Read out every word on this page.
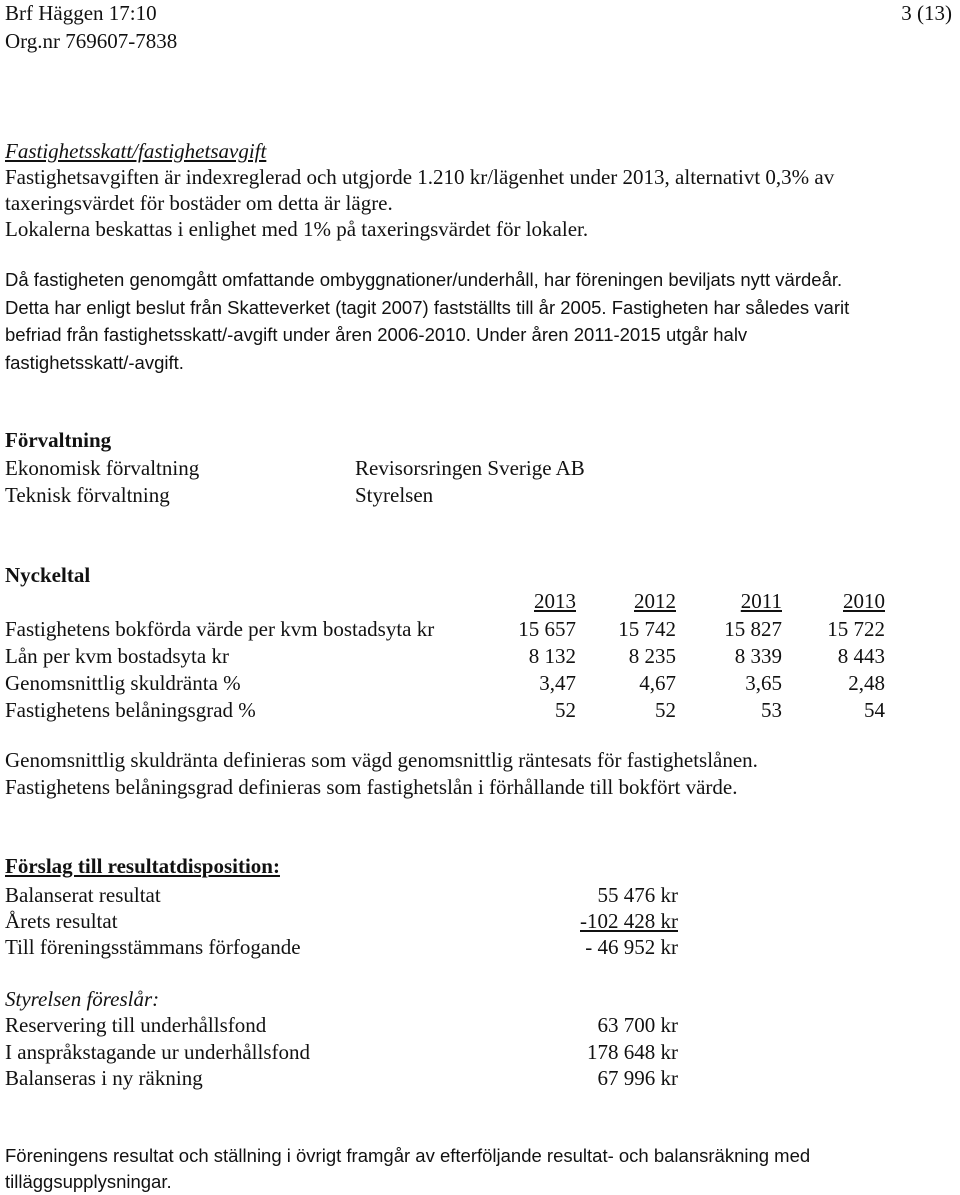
Brf Häggen 17:10
Org.nr 769607-7838
3 (13)
Fastighetsskatt/fastighetsavgift
Fastighetsavgiften är indexreglerad och utgjorde 1.210 kr/lägenhet under 2013, alternativt 0,3% av
taxeringsvärdet för bostäder om detta är lägre.
Lokalerna beskattas i enlighet med 1% på taxeringsvärdet för lokaler.
Då fastigheten genomgått omfattande ombyggnationer/underhåll, har föreningen beviljats nytt värdeår.
Detta har enligt beslut från Skatteverket (tagit 2007) fastställts till år 2005. Fastigheten har således varit
befriad från fastighetsskatt/-avgift under åren 2006-2010. Under åren 2011-2015 utgår halv
fastighetsskatt/-avgift.
Förvaltning
Ekonomisk förvaltning	Revisorsringen Sverige AB
Teknisk förvaltning	Styrelsen
Nyckeltal
2013	2012	2011	2010
Fastighetens bokförda värde per kvm bostadsyta kr	15 657	15 742	15 827	15 722
Lån per kvm bostadsyta kr	8 132	8 235	8 339	8 443
Genomsnittlig skuldränta %	3,47	4,67	3,65	2,48
Fastighetens belåningsgrad %	52	52	53	54
Genomsnittlig skuldränta definieras som vägd genomsnittlig räntesats för fastighetslånen.
Fastighetens belåningsgrad definieras som fastighetslån i förhållande till bokfört värde.
Förslag till resultatdisposition:
Balanserat resultat	55 476 kr
Årets resultat	-102 428 kr
Till föreningsstämmans förfogande	- 46 952 kr
Styrelsen föreslår:
Reservering till underhållsfond	63 700 kr
I anspråkstagande ur underhållsfond	178 648 kr
Balanseras i ny räkning	67 996 kr
Föreningens resultat och ställning i övrigt framgår av efterföljande resultat- och balansräkning med
tilläggsupplysningar.
